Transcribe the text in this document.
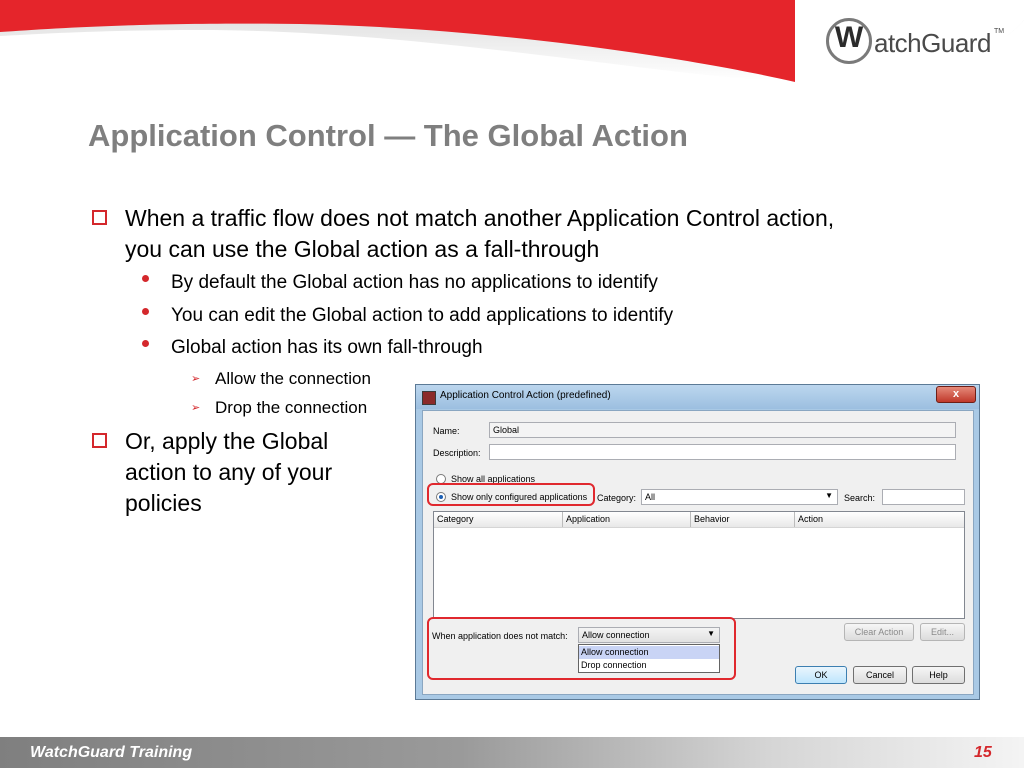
W atchGuard TM
Application Control — The Global Action
When a traffic flow does not match another Application Control action,
you can use the Global action as a fall-through
By default the Global action has no applications to identify
You can edit the Global action to add applications to identify
Global action has its own fall-through
➢ Allow the connection
➢ Drop the connection
Or, apply the Global
action to any of your
policies
Application Control Action (predefined)	x
Name:	Global
Description:
Show all applications
Show only configured applications Category: All	▼ Search:
Category	Application	Behavior	Action
Clear Action	Edit...
When application does not match:	Allow connection	▼
Allow connection
Drop connection
OK	Cancel	Help
WatchGuard Training	15
